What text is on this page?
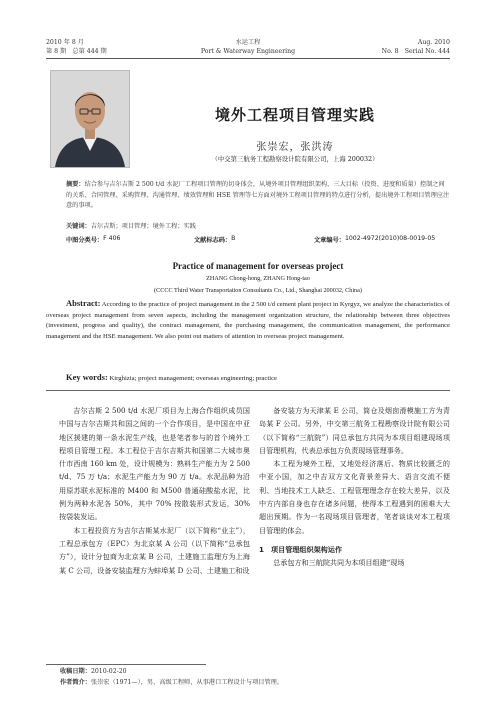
2010 年 8 月
第 8 期　总第 444 期
水运工程
Port & Waterway Engineering
Aug. 2010
No. 8　Serial No. 444
境外工程项目管理实践
张崇宏，张洪涛
（中交第三航务工程勘察设计院有限公司，上海 200032）
摘要：结合参与吉尔吉斯 2 500 t/d 水泥厂工程项目管理的切身体会，从境外项目管理组织架构、三大目标（投资、进度和质量）控制之间的关系、合同管理、采购管理、沟通管理、绩效管理和 HSE 管理等七方面对境外工程项目管理的特点进行分析，提出境外工程项目管理应注意的事项。
关键词：吉尔吉斯；项目管理；境外工程；实践
中图分类号： F 406	文献标志码： B	文章编号： 1002-4972(2010)08-0019-05
Practice of management for overseas project
ZHANG Chong-hong, ZHANG Hong-tao
(CCCC Third Water Transportation Consultants Co., Ltd., Shanghai 200032, China)
Abstract: According to the practice of project management in the 2 500 t/d cement plant project in Kyrgyz, we analyze the characteristics of overseas project management from seven aspects, including the management organization structure, the relationship between three objectives (investment, progress and quality), the contract management, the purchasing management, the communication management, the performance management and the HSE management. We also point out matters of attention in overseas project management.
Key words: Kirghizia; project management; overseas engineering; practice

吉尔吉斯 2 500 t/d 水泥厂项目为上海合作组织成员国中国与吉尔吉斯共和国之间的一个合作项目，是中国在中亚地区援建的第一条水泥生产线，也是笔者参与的首个境外工程项目管理工程。本工程位于吉尔吉斯共和国第二大城市奥什市西南 160 km 处，设计规模为：熟料生产能力为 2 500 t/d、75 万 t/a；水泥生产能力为 90 万 t/a。水泥品种为沿用原苏联水泥标准的 M400 和 M500 普通硅酸盐水泥，比例为两种水泥各 50%，其中 70% 按散装形式发运，30% 按袋装发运。

本工程投资方为吉尔吉斯某水泥厂（以下简称“业主”），工程总承包方（EPC）为北京某 A 公司（以下简称“总承包方”），设计分包商为北京某 B 公司，土建施工监理方为上海某 C 公司，设备安装监理方为蚌埠某 D 公司、土建施工和设

备安装方为天津某 E 公司，筒仓及烟囱滑模施工方为青岛某 F 公司。另外，中交第三航务工程勘察设计院有限公司（以下简称“三航院”）同总承包方共同为本项目组建现场项目管理机构，代表总承包方负责现场管理事务。

本工程为境外工程，又地处经济落后、物质比较匮乏的中亚小国，加之中吉双方文化背景差异大、语言交流不便利、当地技术工人缺乏、工程管理理念存在较大差异，以及中方内部自身也存在诸多问题，使得本工程遇到的困难大大超出预期。作为一名现场项目管理者，笔者谈谈对本工程项目管理的体会。

1　项目管理组织架构运作

总承包方和三航院共同为本项目组建“现场

收稿日期：2010-02-20
作者简介：张崇宏（1971—），男，高级工程师，从事港口工程设计与项目管理。
